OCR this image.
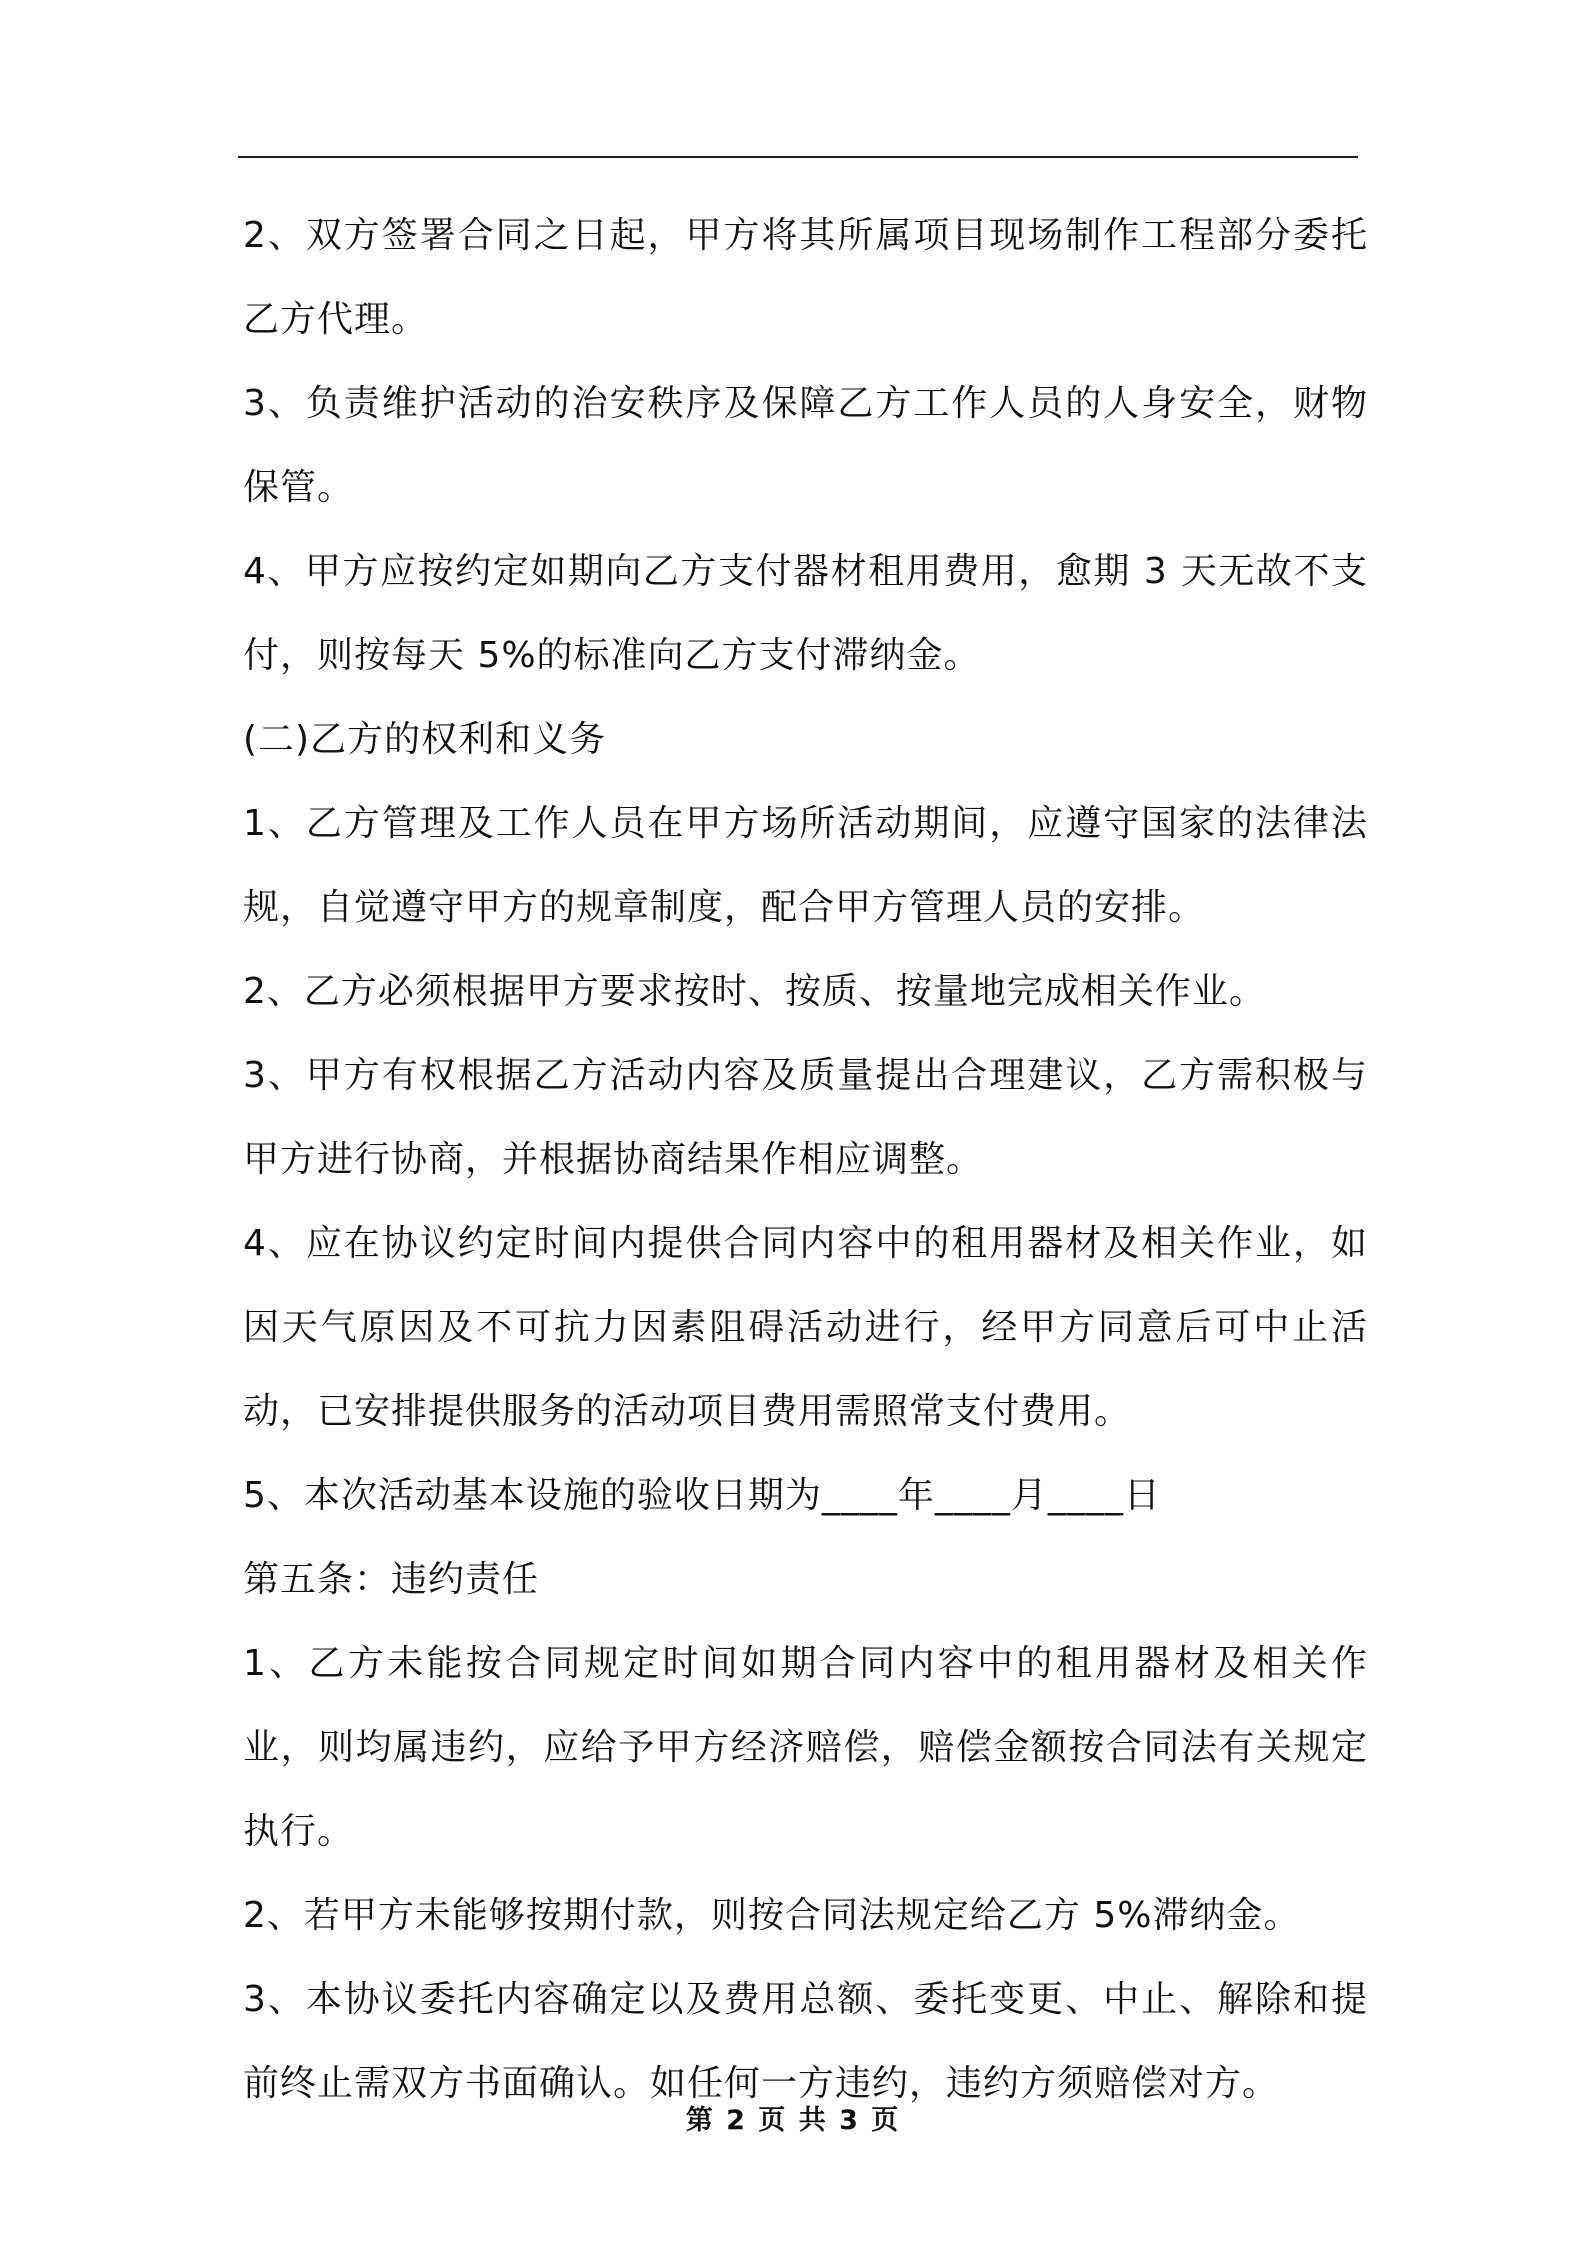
2、双方签署合同之日起，甲方将其所属项目现场制作工程部分委托乙方代理。

3、负责维护活动的治安秩序及保障乙方工作人员的人身安全，财物保管。

4、甲方应按约定如期向乙方支付器材租用费用，愈期 3 天无故不支付，则按每天 5%的标准向乙方支付滞纳金。

(二)乙方的权利和义务

1、乙方管理及工作人员在甲方场所活动期间，应遵守国家的法律法规，自觉遵守甲方的规章制度，配合甲方管理人员的安排。

2、乙方必须根据甲方要求按时、按质、按量地完成相关作业。

3、甲方有权根据乙方活动内容及质量提出合理建议，乙方需积极与甲方进行协商，并根据协商结果作相应调整。

4、应在协议约定时间内提供合同内容中的租用器材及相关作业，如因天气原因及不可抗力因素阻碍活动进行，经甲方同意后可中止活动，已安排提供服务的活动项目费用需照常支付费用。

5、本次活动基本设施的验收日期为____年____月____日

第五条：违约责任

1、乙方未能按合同规定时间如期合同内容中的租用器材及相关作业，则均属违约，应给予甲方经济赔偿，赔偿金额按合同法有关规定执行。

2、若甲方未能够按期付款，则按合同法规定给乙方 5%滞纳金。

3、本协议委托内容确定以及费用总额、委托变更、中止、解除和提前终止需双方书面确认。如任何一方违约，违约方须赔偿对方。

第 2 页 共 3 页
